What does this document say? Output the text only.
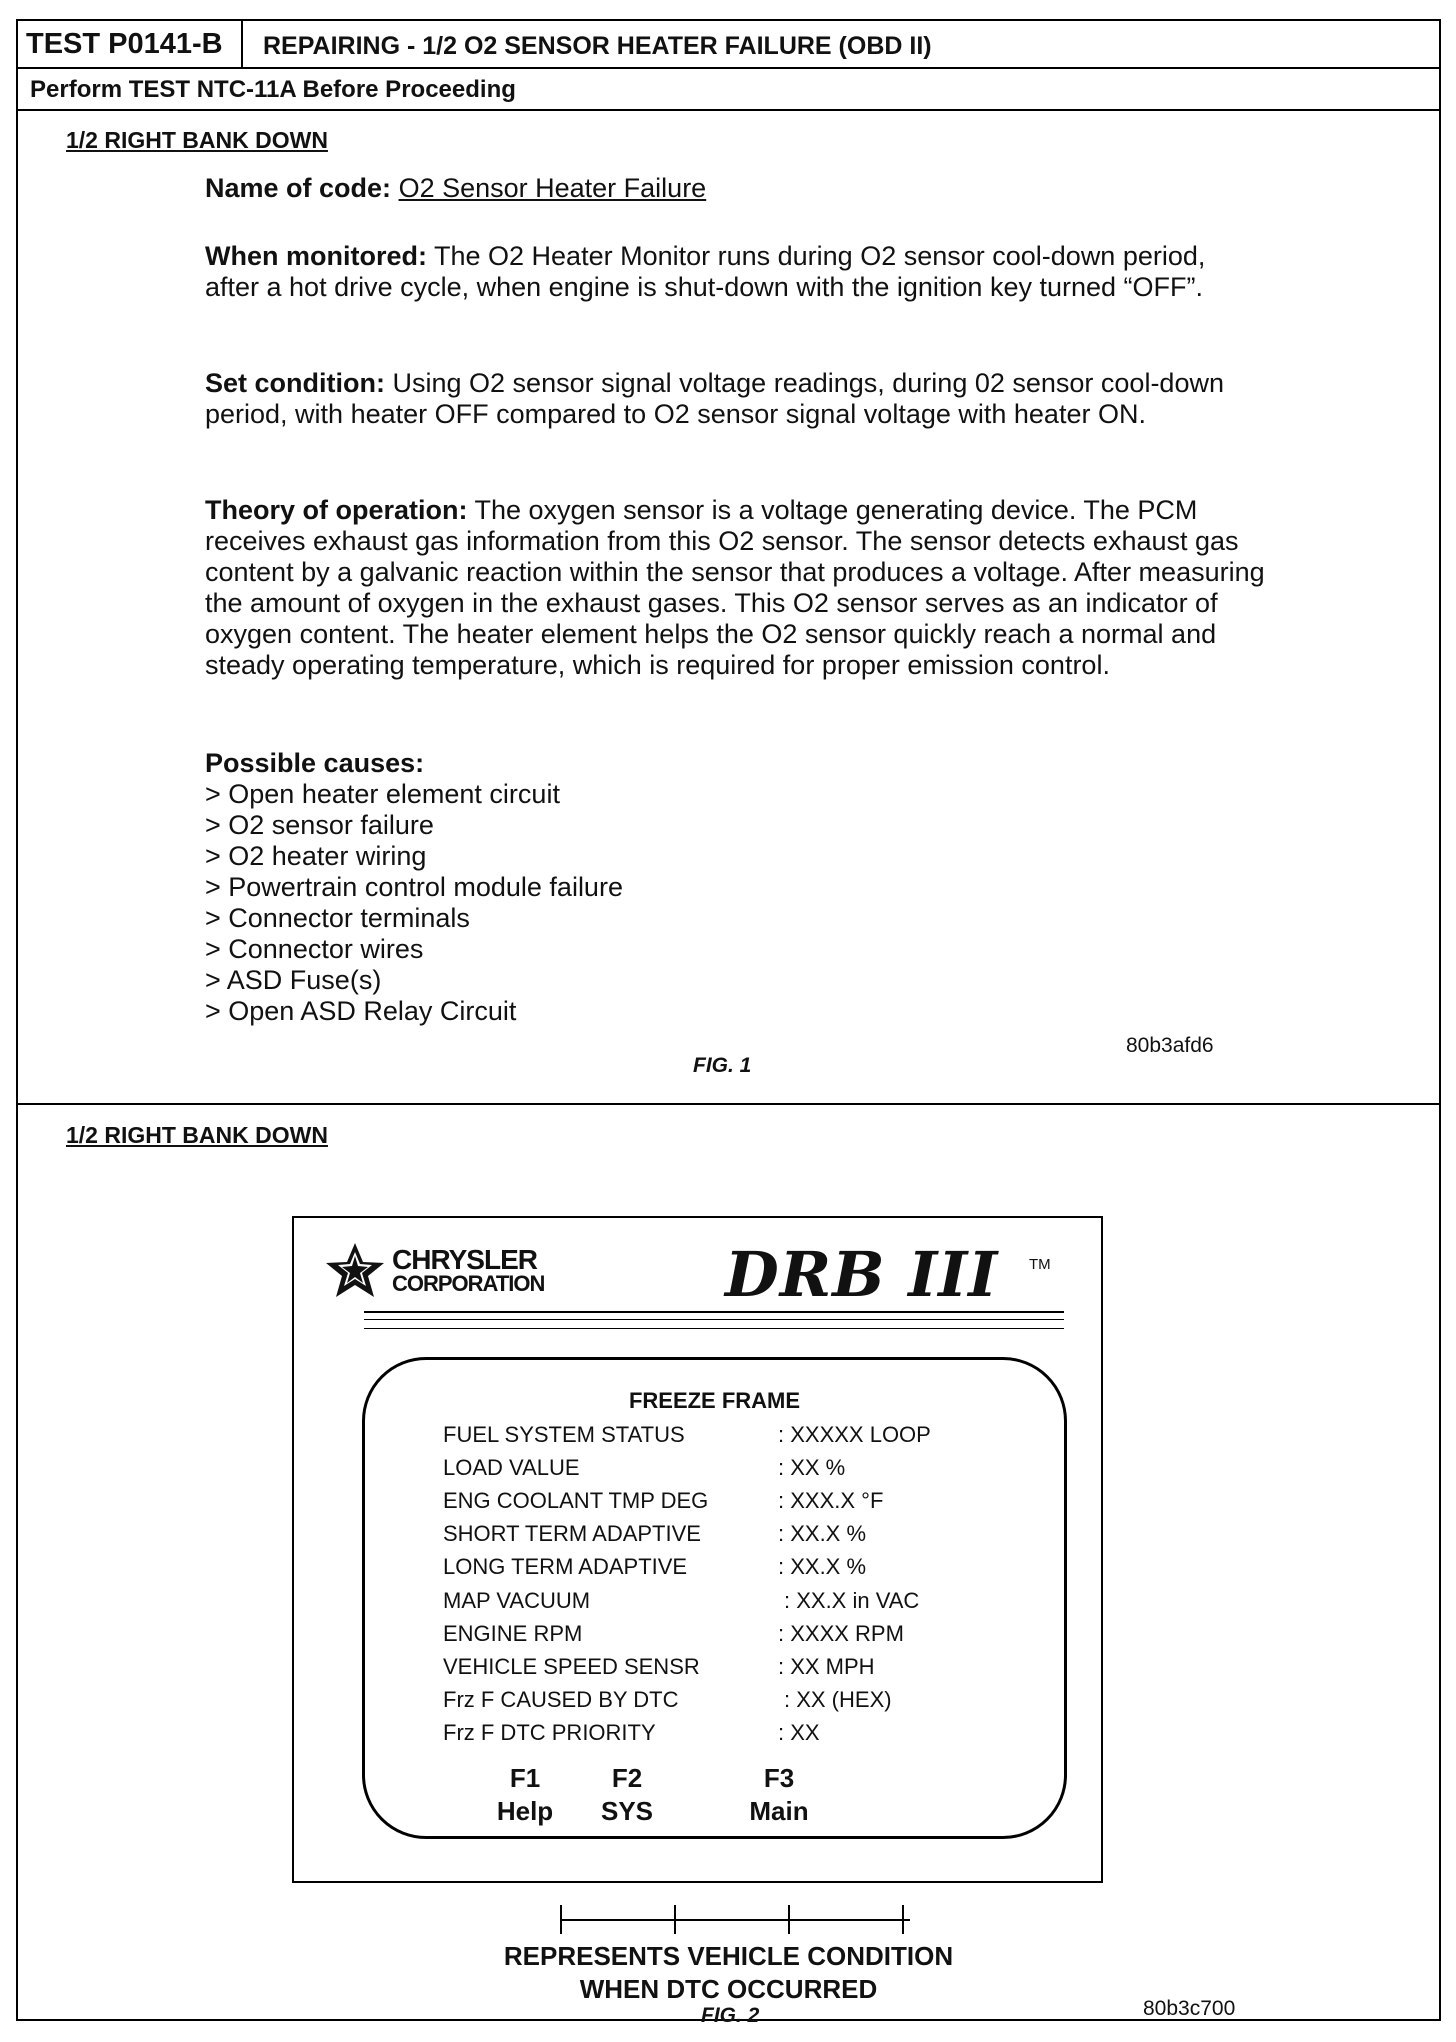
TEST P0141-B	REPAIRING - 1/2 O2 SENSOR HEATER FAILURE (OBD II)
Perform TEST NTC-11A Before Proceeding
1/2 RIGHT BANK DOWN
Name of code: O2 Sensor Heater Failure
When monitored: The O2 Heater Monitor runs during O2 sensor cool-down period, after a hot drive cycle, when engine is shut-down with the ignition key turned “OFF”.
Set condition: Using O2 sensor signal voltage readings, during 02 sensor cool-down period, with heater OFF compared to O2 sensor signal voltage with heater ON.
Theory of operation: The oxygen sensor is a voltage generating device. The PCM receives exhaust gas information from this O2 sensor. The sensor detects exhaust gas content by a galvanic reaction within the sensor that produces a voltage. After measuring the amount of oxygen in the exhaust gases. This O2 sensor serves as an indicator of oxygen content. The heater element helps the O2 sensor quickly reach a normal and steady operating temperature, which is required for proper emission control.
Possible causes:
> Open heater element circuit
> O2 sensor failure
> O2 heater wiring
> Powertrain control module failure
> Connector terminals
> Connector wires
> ASD Fuse(s)
> Open ASD Relay Circuit
80b3afd6
FIG. 1
1/2 RIGHT BANK DOWN
CHRYSLER
CORPORATION	DRB III TM
FREEZE FRAME
FUEL SYSTEM STATUS	: XXXXX LOOP
LOAD VALUE	: XX %
ENG COOLANT TMP DEG	: XXX.X °F
SHORT TERM ADAPTIVE	: XX.X %
LONG TERM ADAPTIVE	: XX.X %
MAP VACUUM	: XX.X in VAC
ENGINE RPM	: XXXX RPM
VEHICLE SPEED SENSR	: XX MPH
Frz F CAUSED BY DTC	: XX (HEX)
Frz F DTC PRIORITY	: XX
F1
Help
F2
SYS
F3
Main
REPRESENTS VEHICLE CONDITION
WHEN DTC OCCURRED
80b3c700
FIG. 2
